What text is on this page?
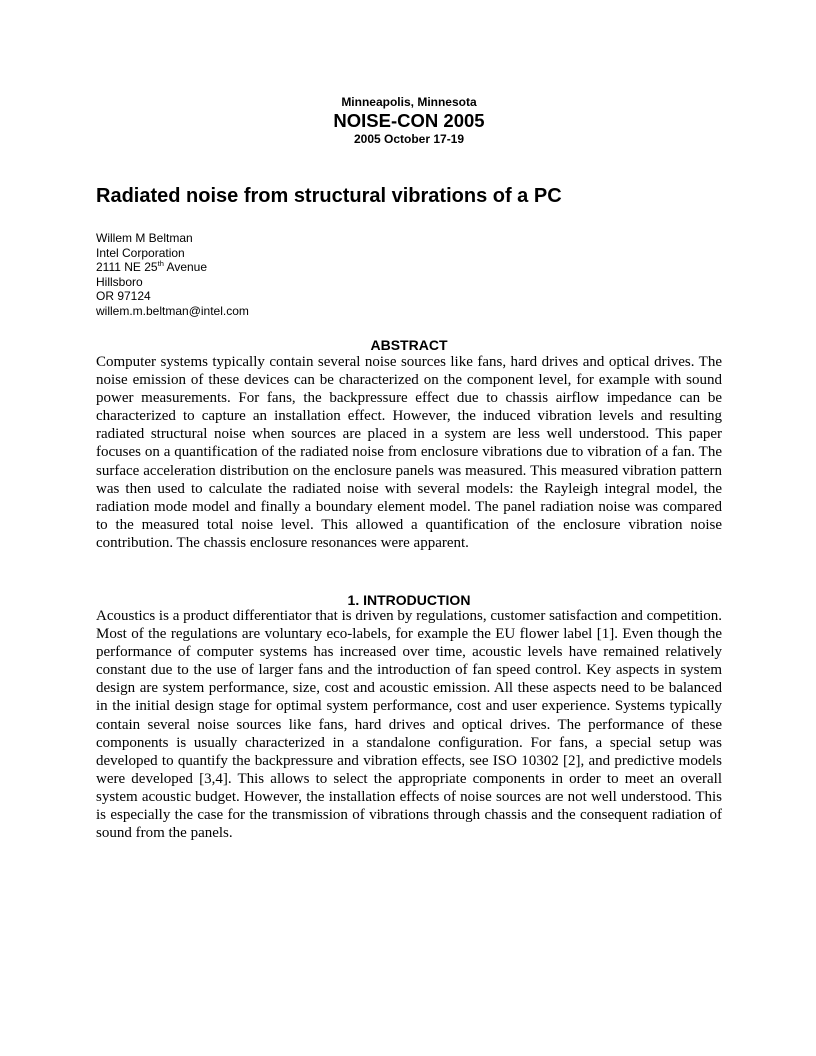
Minneapolis, Minnesota
NOISE-CON 2005
2005 October 17-19
Radiated noise from structural vibrations of a PC
Willem M Beltman
Intel Corporation
2111 NE 25th Avenue
Hillsboro
OR 97124
willem.m.beltman@intel.com
ABSTRACT

Computer systems typically contain several noise sources like fans, hard drives and optical drives. The noise emission of these devices can be characterized on the component level, for example with sound power measurements. For fans, the backpressure effect due to chassis airflow impedance can be characterized to capture an installation effect. However, the induced vibration levels and resulting radiated structural noise when sources are placed in a system are less well understood. This paper focuses on a quantification of the radiated noise from enclosure vibrations due to vibration of a fan. The surface acceleration distribution on the enclosure panels was measured. This measured vibration pattern was then used to calculate the radiated noise with several models: the Rayleigh integral model, the radiation mode model and finally a boundary element model. The panel radiation noise was compared to the measured total noise level. This allowed a quantification of the enclosure vibration noise contribution. The chassis enclosure resonances were apparent.

1. INTRODUCTION

Acoustics is a product differentiator that is driven by regulations, customer satisfaction and competition. Most of the regulations are voluntary eco-labels, for example the EU flower label [1]. Even though the performance of computer systems has increased over time, acoustic levels have remained relatively constant due to the use of larger fans and the introduction of fan speed control. Key aspects in system design are system performance, size, cost and acoustic emission. All these aspects need to be balanced in the initial design stage for optimal system performance, cost and user experience. Systems typically contain several noise sources like fans, hard drives and optical drives. The performance of these components is usually characterized in a standalone configuration. For fans, a special setup was developed to quantify the backpressure and vibration effects, see ISO 10302 [2], and predictive models were developed [3,4]. This allows to select the appropriate components in order to meet an overall system acoustic budget. However, the installation effects of noise sources are not well understood. This is especially the case for the transmission of vibrations through chassis and the consequent radiation of sound from the panels.
